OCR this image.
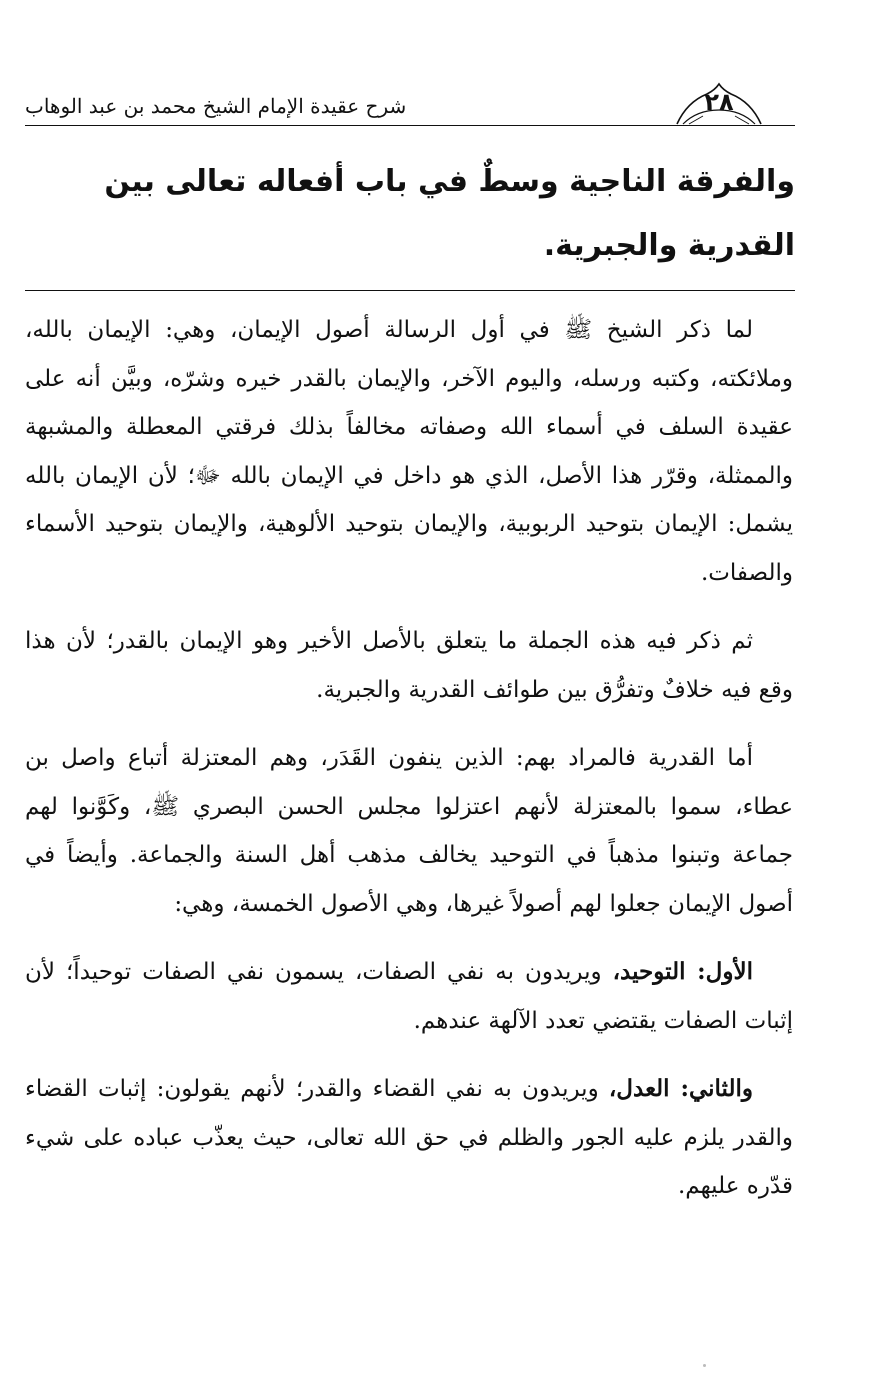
شرح عقيدة الإمام الشيخ محمد بن عبد الوهاب	٢٨
والفرقة الناجية وسطٌ في باب أفعاله تعالى بين القدرية والجبرية.

لما ذكر الشيخ ﷺ في أول الرسالة أصول الإيمان، وهي: الإيمان بالله، وملائكته، وكتبه ورسله، واليوم الآخر، والإيمان بالقدر خيره وشرّه، وبيَّن أنه على عقيدة السلف في أسماء الله وصفاته مخالفاً بذلك فرقتي المعطلة والمشبهة والممثلة، وقرّر هذا الأصل، الذي هو داخل في الإيمان بالله ﷻ؛ لأن الإيمان بالله يشمل: الإيمان بتوحيد الربوبية، والإيمان بتوحيد الألوهية، والإيمان بتوحيد الأسماء والصفات.

ثم ذكر فيه هذه الجملة ما يتعلق بالأصل الأخير وهو الإيمان بالقدر؛ لأن هذا وقع فيه خلافٌ وتفرُّق بين طوائف القدرية والجبرية.

أما القدرية فالمراد بهم: الذين ينفون القَدَر، وهم المعتزلة أتباع واصل بن عطاء، سموا بالمعتزلة لأنهم اعتزلوا مجلس الحسن البصري ﷺ، وكَوَّنوا لهم جماعة وتبنوا مذهباً في التوحيد يخالف مذهب أهل السنة والجماعة. وأيضاً في أصول الإيمان جعلوا لهم أصولاً غيرها، وهي الأصول الخمسة، وهي:

الأول: التوحيد، ويريدون به نفي الصفات، يسمون نفي الصفات توحيداً؛ لأن إثبات الصفات يقتضي تعدد الآلهة عندهم.

والثاني: العدل، ويريدون به نفي القضاء والقدر؛ لأنهم يقولون: إثبات القضاء والقدر يلزم عليه الجور والظلم في حق الله تعالى، حيث يعذّب عباده على شيء قدّره عليهم.
